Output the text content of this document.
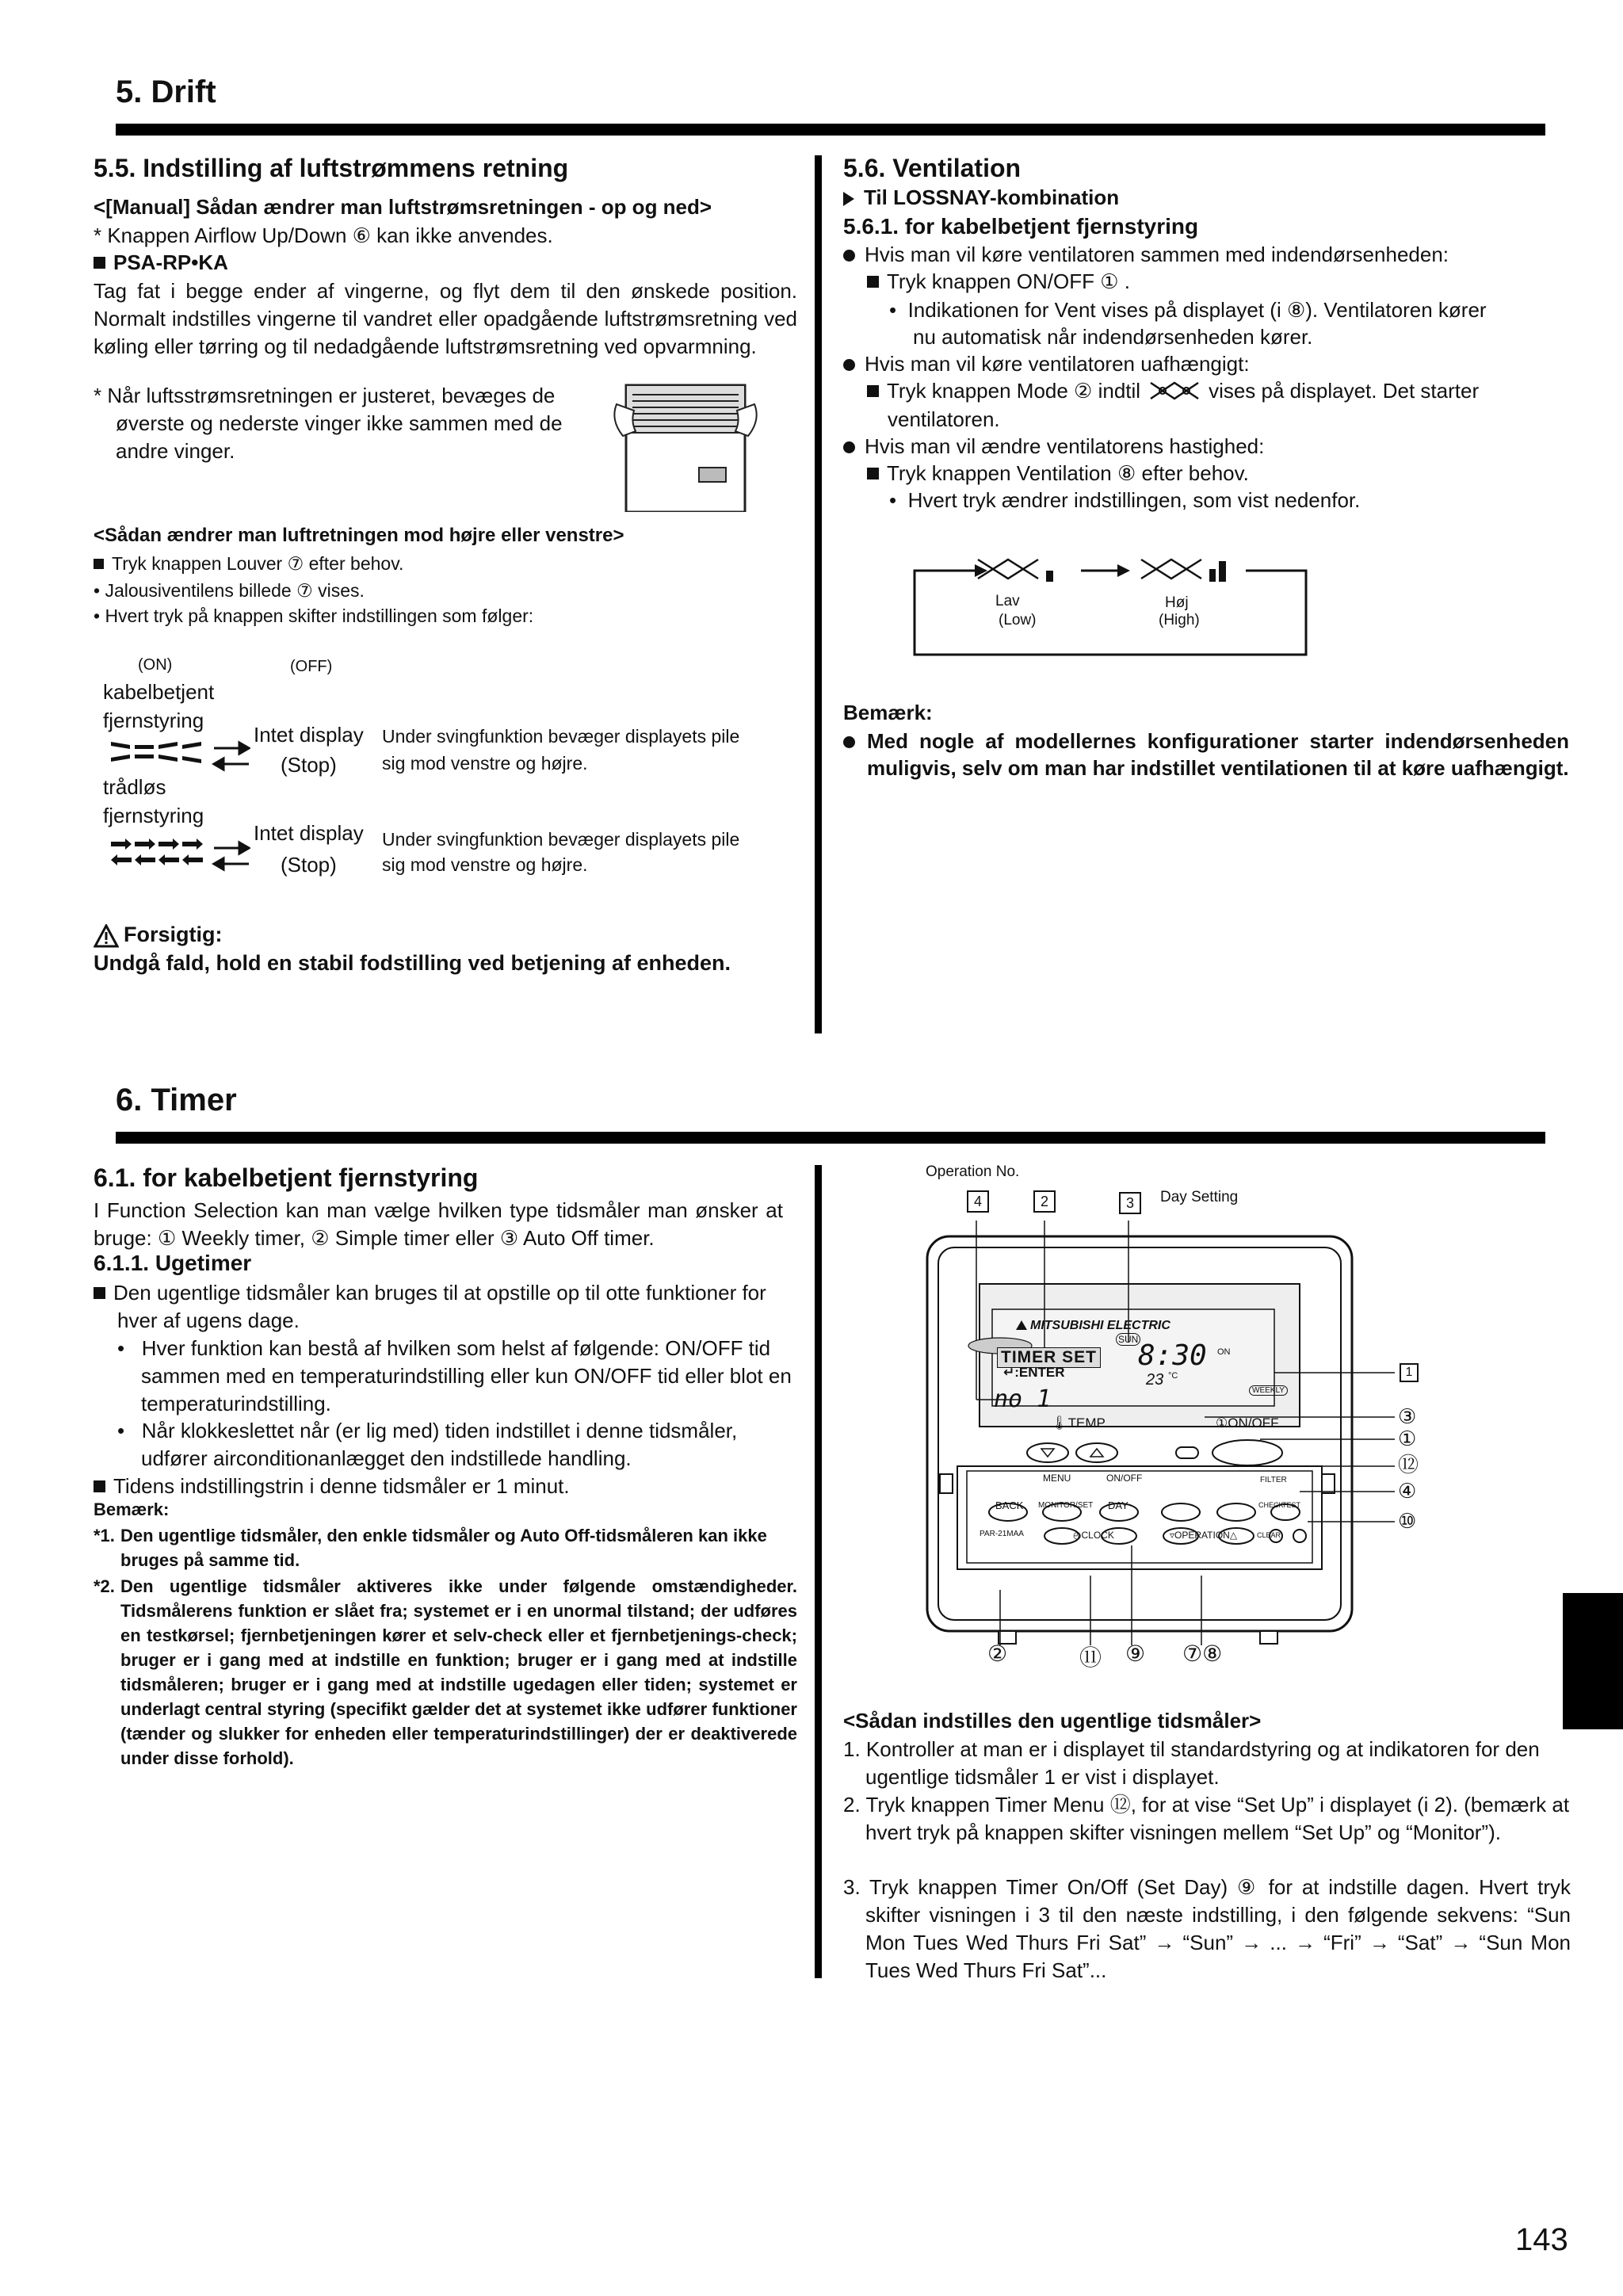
5. Drift
5.5. Indstilling af luftstrømmens retning
<[Manual] Sådan ændrer man luftstrømsretningen - op og ned>
* Knappen Airflow Up/Down ⑥ kan ikke anvendes.
PSA-RP•KA
Tag fat i begge ender af vingerne, og flyt dem til den ønskede position. Normalt indstilles vingerne til vandret eller opadgående luftstrømsretning ved køling eller tørring og til nedadgående luftstrømsretning ved opvarmning.
* Når luftsstrømsretningen er justeret, bevæges de øverste og nederste vinger ikke sammen med de andre vinger.
<Sådan ændrer man luftretningen mod højre eller venstre>
Tryk knappen Louver ⑦ efter behov.
• Jalousiventilens billede ⑦ vises.
• Hvert tryk på knappen skifter indstillingen som følger:
(ON)	(OFF)
kabelbetjent
fjernstyring
Intet display
(Stop)
Under svingfunktion bevæger displayets pile
sig mod venstre og højre.
trådløs
fjernstyring
Intet display
(Stop)
Under svingfunktion bevæger displayets pile
sig mod venstre og højre.
Forsigtig:
Undgå fald, hold en stabil fodstilling ved betjening af enheden.
5.6. Ventilation
Til LOSSNAY-kombination
5.6.1. for kabelbetjent fjernstyring
Hvis man vil køre ventilatoren sammen med indendørsenheden:
Tryk knappen ON/OFF ① .
•  Indikationen for Vent vises på displayet (i ⑧). Ventilatoren kører
nu automatisk når indendørsenheden kører.
Hvis man vil køre ventilatoren uafhængigt:
Tryk knappen Mode ② indtil	vises på displayet. Det starter
ventilatoren.
Hvis man vil ændre ventilatorens hastighed:
Tryk knappen Ventilation ⑧ efter behov.
•  Hvert tryk ændrer indstillingen, som vist nedenfor.
Lav
(Low)
Høj
(High)
Bemærk:
Med nogle af modellernes konfigurationer starter indendørsenheden muligvis, selv om man har indstillet ventilationen til at køre uafhængigt.
6. Timer
6.1. for kabelbetjent fjernstyring
I Function Selection kan man vælge hvilken type tidsmåler man ønsker at bruge: ① Weekly timer, ② Simple timer eller ③ Auto Off timer.
6.1.1. Ugetimer
Den ugentlige tidsmåler kan bruges til at opstille op til otte funktioner for hver af ugens dage.
•   Hver funktion kan bestå af hvilken som helst af følgende: ON/OFF tid sammen med en temperaturindstilling eller kun ON/OFF tid eller blot en temperaturindstilling.
•   Når klokkeslettet når (er lig med) tiden indstillet i denne tidsmåler, udfører airconditionanlægget den indstillede handling.
Tidens indstillingstrin i denne tidsmåler er 1 minut.
Bemærk:
*1. Den ugentlige tidsmåler, den enkle tidsmåler og Auto Off-tidsmåleren kan ikke bruges på samme tid.
*2. Den ugentlige tidsmåler aktiveres ikke under følgende omstændigheder. Tidsmålerens funktion er slået fra; systemet er i en unormal tilstand; der udføres en testkørsel; fjernbetjeningen kører et selv-check eller et fjernbetjenings-check; bruger er i gang med at indstille en funktion; bruger er i gang med at indstille tidsmåleren; bruger er i gang med at indstille ugedagen eller tiden; systemet er underlagt central styring (specifikt gælder det at systemet ikke udfører funktioner (tænder og slukker for enheden eller temperaturindstillinger) der er deaktiverede under disse forhold).
Operation No.
Day Setting
4	2	3
MITSUBISHI ELECTRIC
TIMER SET
↵:ENTER
SUN 8:30 ON
23 °C
WEEKLY
no 1
🌡TEMP.	①ON/OFF
MENU	ON/OFF	FILTER
BACK MONITOR/SET DAY	CHECK
TEST
PAR-21MAA	◴CLOCK	▿OPERATION△	CLEAR
1
③
①
⑫
④
⑩
②	⑪ ⑨ ⑦⑧
<Sådan indstilles den ugentlige tidsmåler>
1. Kontroller at man er i displayet til standardstyring og at indikatoren for den ugentlige tidsmåler 1 er vist i displayet.
2. Tryk knappen Timer Menu ⑫, for at vise “Set Up” i displayet (i 2). (bemærk at hvert tryk på knappen skifter visningen mellem “Set Up” og “Monitor”).
3. Tryk knappen Timer On/Off (Set Day) ⑨ for at indstille dagen. Hvert tryk skifter visningen i 3 til den næste indstilling, i den følgende sekvens: “Sun Mon Tues Wed Thurs Fri Sat” → “Sun” → ... → “Fri” → “Sat” → “Sun Mon Tues Wed Thurs Fri Sat”...
143
